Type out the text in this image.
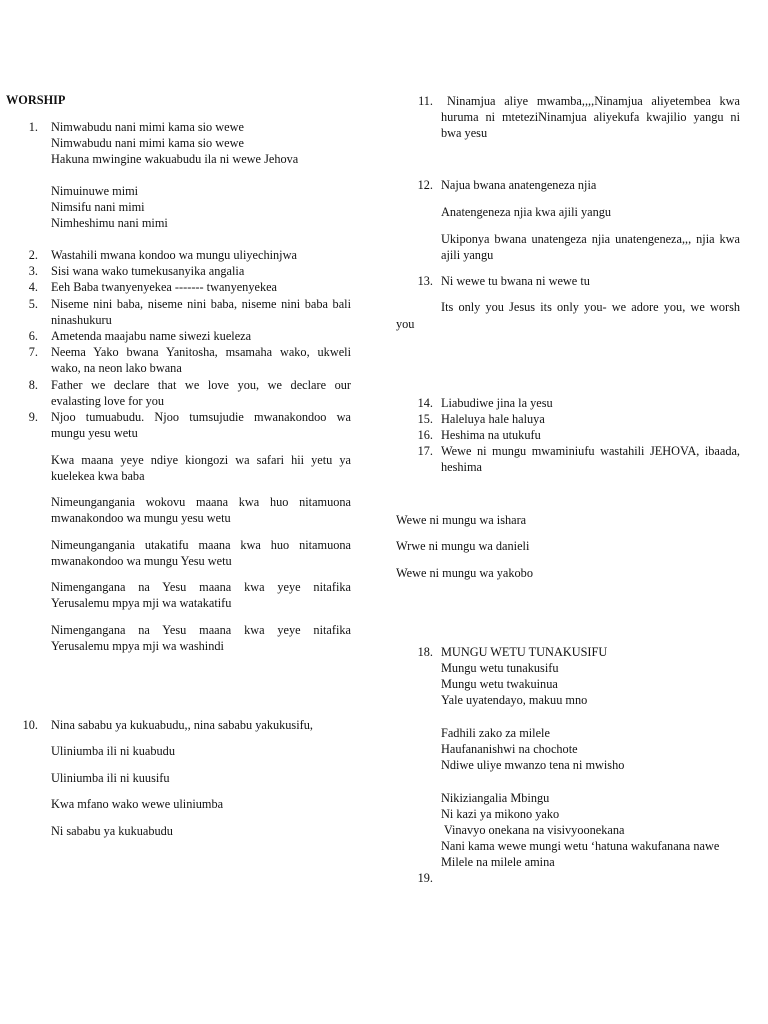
WORSHIP
1. Nimwabudu nani mimi kama sio wewe
Nimwabudu nani mimi kama sio wewe
Hakuna mwingine wakuabudu ila ni wewe Jehova
Nimuinuwe mimi
Nimsifu nani mimi
Nimheshimu nani mimi
2. Wastahili mwana kondoo wa mungu uliyechinjwa
3. Sisi wana wako tumekusanyika angalia
4. Eeh Baba twanyenyekea ------- twanyenyekea
5. Niseme nini baba, niseme nini baba, niseme nini baba bali ninashukuru
6. Ametenda maajabu name siwezi kueleza
7. Neema Yako bwana Yanitosha, msamaha wako, ukweli wako, na neon lako bwana
8. Father we declare that we love you, we declare our evalasting love for you
9. Njoo tumuabudu. Njoo tumsujudie mwanakondoo wa mungu yesu wetu
Kwa maana yeye ndiye kiongozi wa safari hii yetu ya kuelekea kwa baba
Nimeungangania wokovu maana kwa huo nitamuona mwanakondoo wa mungu yesu wetu
Nimeungangania utakatifu maana kwa huo nitamuona mwanakondoo wa mungu Yesu wetu
Nimengangana na Yesu maana kwa yeye nitafika Yerusalemu mpya mji wa watakatifu
Nimengangana na Yesu maana kwa yeye nitafika Yerusalemu mpya mji wa washindi
10. Nina sababu ya kukuabudu,, nina sababu yakukusifu,
Uliniumba ili ni kuabudu
Uliniumba ili ni kuusifu
Kwa mfano wako wewe uliniumba
Ni sababu ya kukuabudu
11.	Ninamjua aliye mwamba,,,,Ninamjua aliyetembea kwa huruma ni mteteziNinamjua aliyekufa kwajilio yangu ni bwa yesu
12. Najua bwana anatengeneza njia
Anatengeneza njia kwa ajili yangu
Ukiponya bwana unatengeza njia unatengeneza,,, njia kwa ajili yangu
13. Ni wewe tu bwana ni wewe tu
Its only you Jesus its only you- we adore you, we worsh
you
14. Liabudiwe jina la yesu
15. Haleluya hale haluya
16. Heshima na utukufu
17. Wewe ni mungu mwaminiufu wastahili JEHOVA, ibaada, heshima
Wewe ni mungu wa ishara
Wrwe ni mungu wa danieli
Wewe ni mungu wa yakobo
18. MUNGU WETU TUNAKUSIFU
Mungu wetu tunakusifu
Mungu wetu twakuinua
Yale uyatendayo, makuu mno
Fadhili zako za milele
Haufananishwi na chochote
Ndiwe uliye mwanzo tena ni mwisho
Nikiziangalia Mbingu
Ni kazi ya mikono yako
Vinavyo onekana na visivyoonekana
Nani kama wewe mungi wetu ‘hatuna wakufanana nawe
Milele na milele amina
19.
